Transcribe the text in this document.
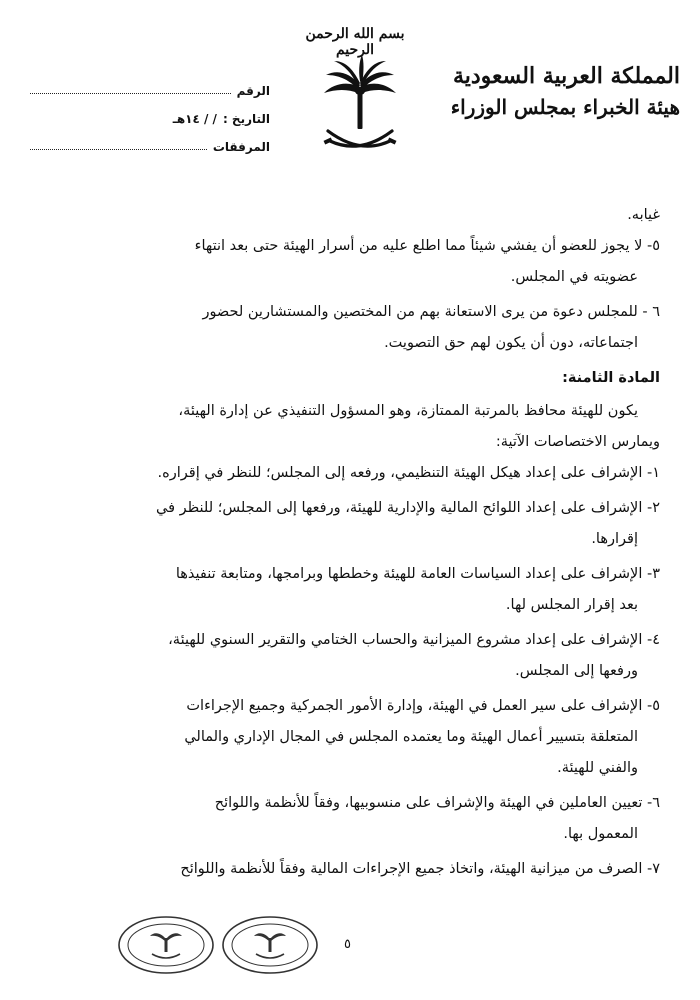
بسم الله الرحمن الرحيم
المملكة العربية السعودية
هيئة الخبراء بمجلس الوزراء
الرقم
التاريخ :
/ / ١٤هـ
المرفقات

غيابه.

٥- لا يجوز للعضو أن يفشي شيئاً مما اطلع عليه من أسرار الهيئة حتى بعد انتهاء
عضويته في المجلس.

٦ - للمجلس دعوة من يرى الاستعانة بهم من المختصين والمستشارين لحضور
اجتماعاته، دون أن يكون لهم حق التصويت.

المادة الثامنة:

يكون للهيئة محافظ بالمرتبة الممتازة، وهو المسؤول التنفيذي عن إدارة الهيئة،
ويمارس الاختصاصات الآتية:

١- الإشراف على إعداد هيكل الهيئة التنظيمي، ورفعه إلى المجلس؛ للنظر في إقراره.

٢- الإشراف على إعداد اللوائح المالية والإدارية للهيئة، ورفعها إلى المجلس؛ للنظر في
إقرارها.

٣- الإشراف على إعداد السياسات العامة للهيئة وخططها وبرامجها، ومتابعة تنفيذها
بعد إقرار المجلس لها.

٤- الإشراف على إعداد مشروع الميزانية والحساب الختامي والتقرير السنوي للهيئة،
ورفعها إلى المجلس.

٥- الإشراف على سير العمل في الهيئة، وإدارة الأمور الجمركية وجميع الإجراءات
المتعلقة بتسيير أعمال الهيئة وما يعتمده المجلس في المجال الإداري والمالي
والفني للهيئة.

٦- تعيين العاملين في الهيئة والإشراف على منسوبيها، وفقاً للأنظمة واللوائح
المعمول بها.

٧- الصرف من ميزانية الهيئة، واتخاذ جميع الإجراءات المالية وفقاً للأنظمة واللوائح

٥
